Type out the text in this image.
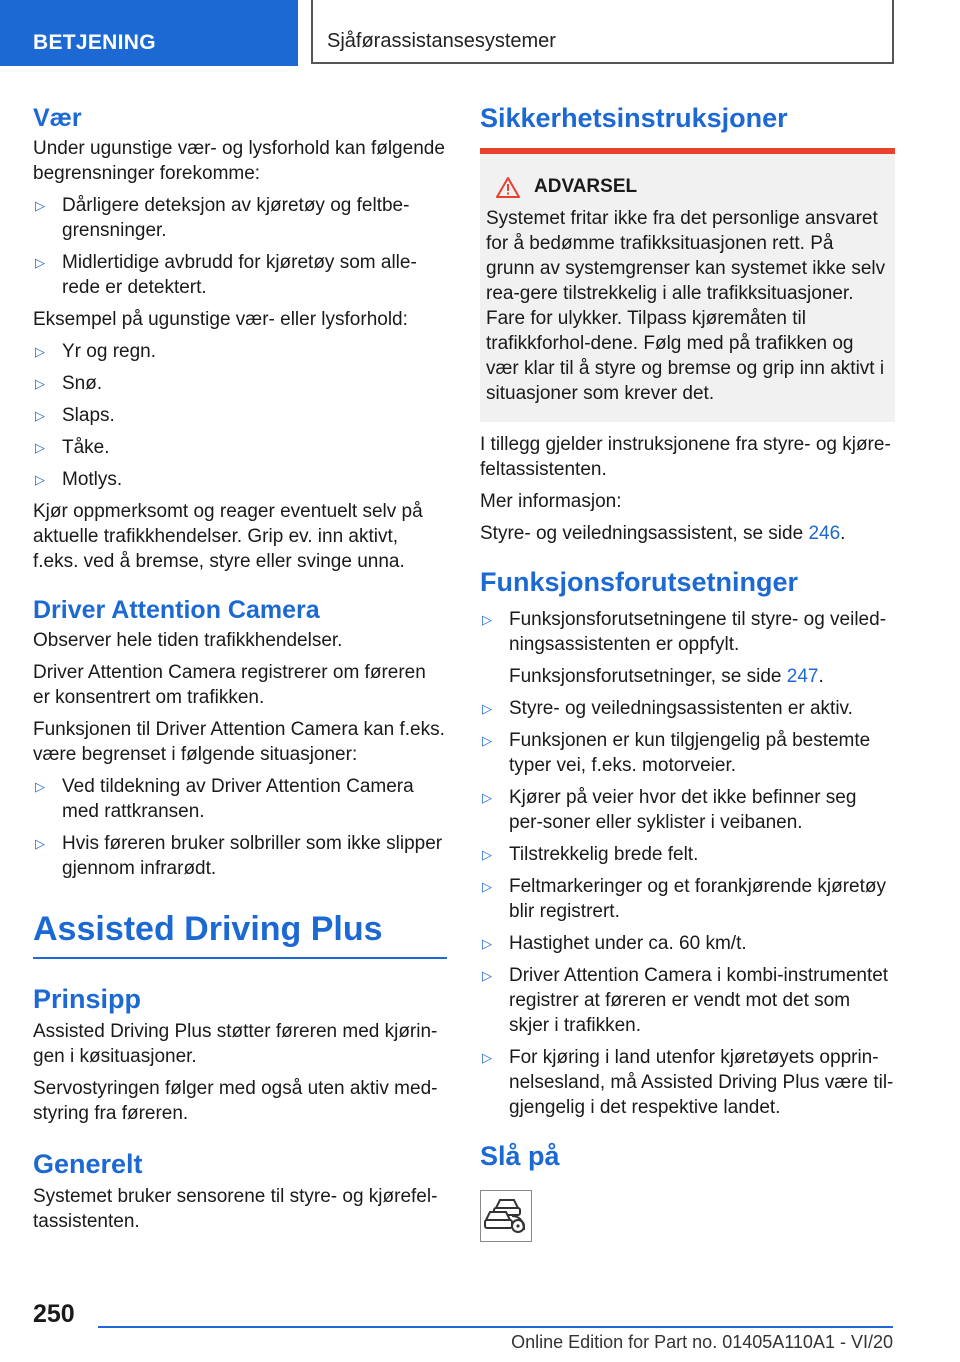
BETJENING	Sjåførassistansesystemer
Vær

Under ugunstige vær- og lysforhold kan følgende begrensninger forekomme:

▷ Dårligere deteksjon av kjøretøy og feltbe-grensninger.
▷ Midlertidige avbrudd for kjøretøy som alle-rede er detektert.

Eksempel på ugunstige vær- eller lysforhold:

▷ Yr og regn.
▷ Snø.
▷ Slaps.
▷ Tåke.
▷ Motlys.

Kjør oppmerksomt og reager eventuelt selv på aktuelle trafikkhendelser. Grip ev. inn aktivt, f.eks. ved å bremse, styre eller svinge unna.

Driver Attention Camera

Observer hele tiden trafikkhendelser.

Driver Attention Camera registrerer om føreren er konsentrert om trafikken.

Funksjonen til Driver Attention Camera kan f.eks. være begrenset i følgende situasjoner:

▷ Ved tildekning av Driver Attention Camera med rattkransen.
▷ Hvis føreren bruker solbriller som ikke slipper gjennom infrarødt.
Assisted Driving Plus
Prinsipp

Assisted Driving Plus støtter føreren med kjørin-gen i køsituasjoner.

Servostyringen følger med også uten aktiv med-styring fra føreren.

Generelt

Systemet bruker sensorene til styre- og kjørefel-tassistenten.

Sikkerhetsinstruksjoner
ADVARSEL

Systemet fritar ikke fra det personlige ansvaret for å bedømme trafikksituasjonen rett. På grunn av systemgrenser kan systemet ikke selv rea-gere tilstrekkelig i alle trafikksituasjoner. Fare for ulykker. Tilpass kjøremåten til trafikkforhol-dene. Følg med på trafikken og vær klar til å styre og bremse og grip inn aktivt i situasjoner som krever det.

I tillegg gjelder instruksjonene fra styre- og kjøre-feltassistenten.

Mer informasjon:

Styre- og veiledningsassistent, se side 246.

Funksjonsforutsetninger
▷ Funksjonsforutsetningene til styre- og veiled-ningsassistenten er oppfylt.
Funksjonsforutsetninger, se side 247.
▷ Styre- og veiledningsassistenten er aktiv.
▷ Funksjonen er kun tilgjengelig på bestemte typer vei, f.eks. motorveier.
▷ Kjører på veier hvor det ikke befinner seg per-soner eller syklister i veibanen.
▷ Tilstrekkelig brede felt.
▷ Feltmarkeringer og et forankjørende kjøretøy blir registrert.
▷ Hastighet under ca. 60 km/t.
▷ Driver Attention Camera i kombi-instrumentet registrer at føreren er vendt mot det som skjer i trafikken.
▷ For kjøring i land utenfor kjøretøyets opprin-nelsesland, må Assisted Driving Plus være til-gjengelig i det respektive landet.
Slå på
250
Online Edition for Part no. 01405A110A1 - VI/20
